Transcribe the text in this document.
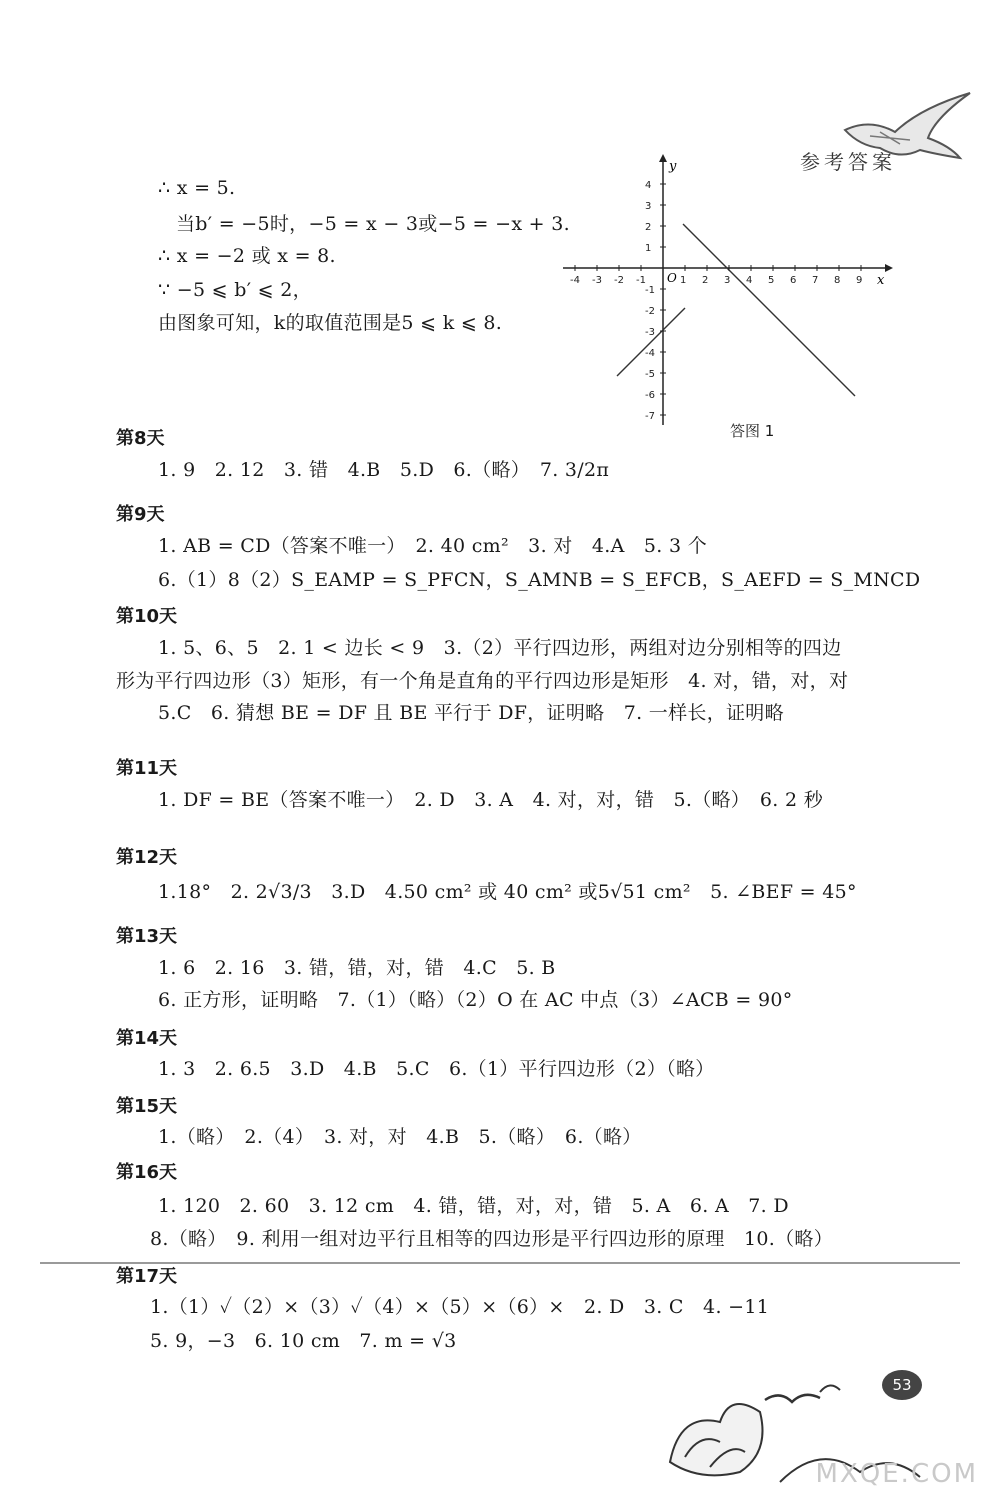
参考答案
∴ x = 5.
当b′ = −5时，−5 = x − 3或−5 = −x + 3.
∴ x = −2 或 x = 8.
∵ −5 ⩽ b′ ⩽ 2，
由图象可知，k的取值范围是5 ⩽ k ⩽ 8.
-4 -3 -2 -1	1 2 3 4 5 6 7 8 9
4
3
2
1
-1
-2
-3
-4
-5
-6
-7
x
y
O
答图 1
第8天
1. 9　2. 12　3. 错　4.B　5.D　6.（略）　7. 3/2π
第9天
1. AB = CD（答案不唯一）　2. 40 cm²　3. 对　4.A　5. 3 个
6.（1）8（2）S_EAMP = S_PFCN，S_AMNB = S_EFCB，S_AEFD = S_MNCD
第10天
1. 5、6、5　2. 1 < 边长 < 9　3.（2）平行四边形，两组对边分别相等的四边
形为平行四边形（3）矩形，有一个角是直角的平行四边形是矩形　4. 对，错，对，对
5.C　6. 猜想 BE = DF 且 BE 平行于 DF，证明略　7. 一样长，证明略
第11天
1. DF = BE（答案不唯一）　2. D　3. A　4. 对，对，错　5.（略）　6. 2 秒
第12天
1.18°　2. 2√3/3　3.D　4.50 cm² 或 40 cm² 或5√51 cm²　5. ∠BEF = 45°
第13天
1. 6　2. 16　3. 错，错，对，错　4.C　5. B
6. 正方形，证明略　7.（1）（略）（2）O 在 AC 中点（3）∠ACB = 90°
第14天
1. 3　2. 6.5　3.D　4.B　5.C　6.（1）平行四边形（2）（略）
第15天
1.（略）　2.（4）　3. 对，对　4.B　5.（略）　6.（略）
第16天
1. 120　2. 60　3. 12 cm　4. 错，错，对，对，错　5. A　6. A　7. D
8.（略）　9. 利用一组对边平行且相等的四边形是平行四边形的原理　10.（略）
第17天
1.（1）✓（2）×（3）✓（4）×（5）×（6）×　2. D　3. C　4. −11
5. 9，−3　6. 10 cm　7. m = √3
53
MXQE.COM
